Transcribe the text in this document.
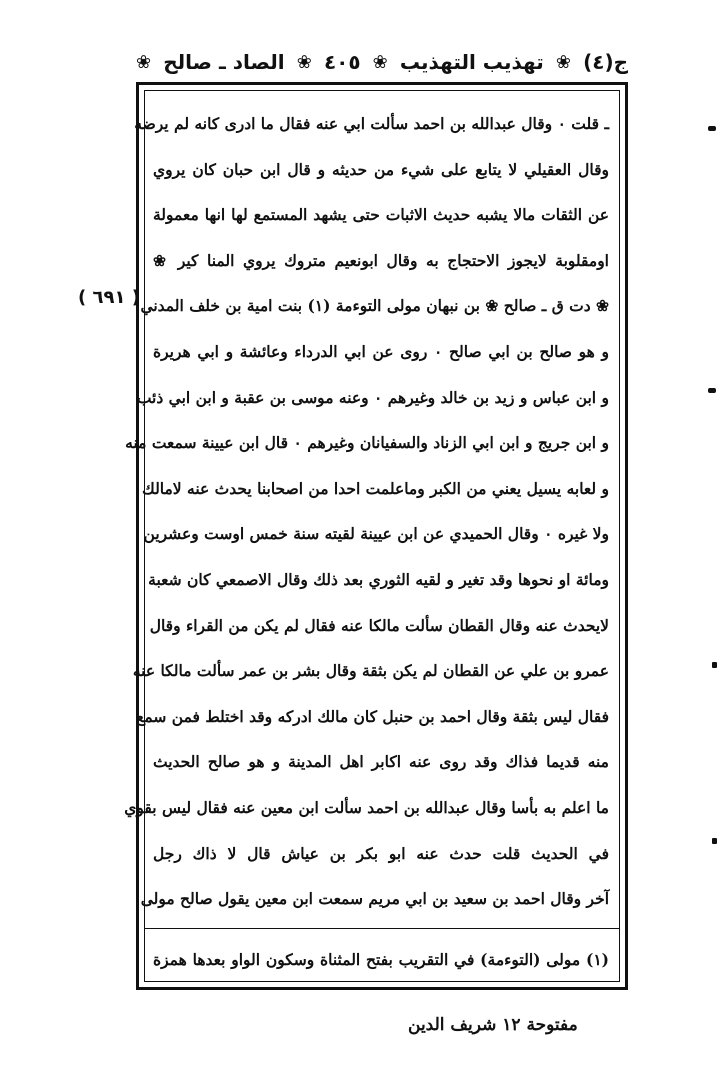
ج(٤)
❀
تهذيب التهذيب
❀
٤٠٥
❀
الصاد ـ صالح
❀
( ٦٩١ )
ـ قلت ٠ وقال عبدالله بن احمد سألت ابي عنه فقال ما ادرى كانه لم يرضه
وقال العقيلي لا يتابع على شيء من حديثه و قال ابن حبان كان يروي
عن الثقات مالا يشبه حديث الاثبات حتى يشهد المستمع لها انها معمولة
اومقلوبة لايجوز الاحتجاج به وقال ابونعيم متروك يروي المنا كير ❀
❀ دت ق ـ صالح ❀ بن نبهان مولى التوءمة (١) بنت امية بن خلف المدني
و هو صالح بن ابي صالح ٠ روى عن ابي الدرداء وعائشة و ابي هريرة
و ابن عباس و زيد بن خالد وغيرهم ٠ وعنه موسى بن عقبة و ابن ابي ذئب
و ابن جريج و ابن ابي الزناد والسفيانان وغيرهم ٠ قال ابن عيينة سمعت منه
و لعابه يسيل يعني من الكبر وماعلمت احدا من اصحابنا يحدث عنه لامالك
ولا غيره ٠ وقال الحميدي عن ابن عيينة لقيته سنة خمس اوست وعشرين
ومائة او نحوها وقد تغير و لقيه الثوري بعد ذلك وقال الاصمعي كان شعبة
لايحدث عنه وقال القطان سألت مالكا عنه فقال لم يكن من القراء وقال
عمرو بن علي عن القطان لم يكن بثقة وقال بشر بن عمر سألت مالكا عنه
فقال ليس بثقة وقال احمد بن حنبل كان مالك ادركه وقد اختلط فمن سمع
منه قديما فذاك وقد روى عنه اكابر اهل المدينة و هو صالح الحديث
ما اعلم به بأسا وقال عبدالله بن احمد سألت ابن معين عنه فقال ليس بقوي
في الحديث قلت حدث عنه ابو بكر بن عياش قال لا ذاك رجل
آخر وقال احمد بن سعيد بن ابي مريم سمعت ابن معين يقول صالح مولى
(١) مولى (التوءمة) في التقريب بفتح المثناة وسكون الواو بعدها همزة
مفتوحة ١٢ شريف الدين
